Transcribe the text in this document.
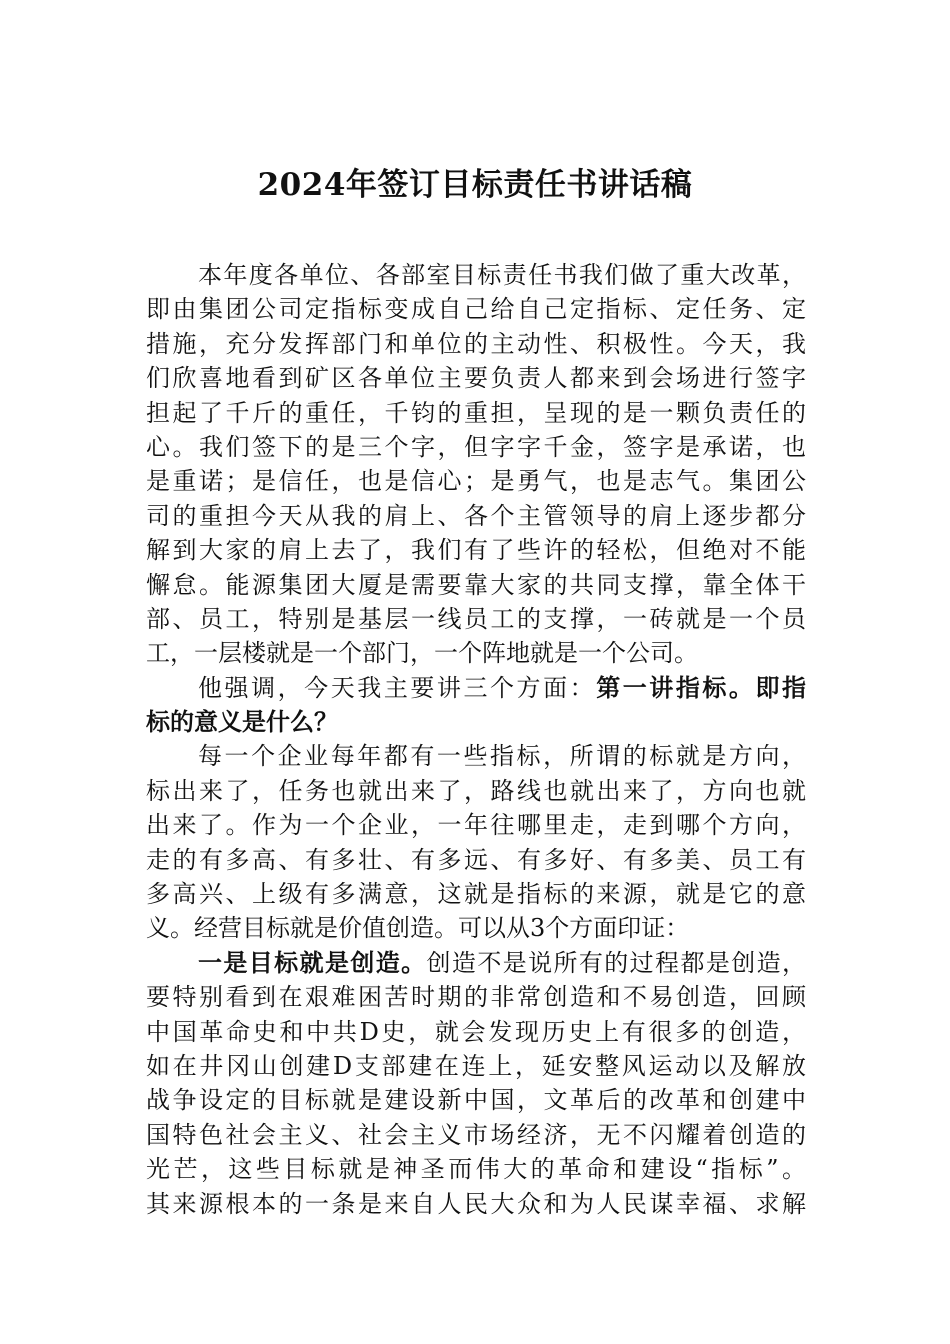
2024年签订目标责任书讲话稿
本年度各单位、各部室目标责任书我们做了重大改革，
即由集团公司定指标变成自己给自己定指标、定任务、定
措施，充分发挥部门和单位的主动性、积极性。今天，我
们欣喜地看到矿区各单位主要负责人都来到会场进行签字
担起了千斤的重任，千钧的重担，呈现的是一颗负责任的
心。我们签下的是三个字，但字字千金，签字是承诺，也
是重诺；是信任，也是信心；是勇气，也是志气。集团公
司的重担今天从我的肩上、各个主管领导的肩上逐步都分
解到大家的肩上去了，我们有了些许的轻松，但绝对不能
懈怠。能源集团大厦是需要靠大家的共同支撑，靠全体干
部、员工，特别是基层一线员工的支撑，一砖就是一个员
工，一层楼就是一个部门，一个阵地就是一个公司。
他强调，今天我主要讲三个方面：第一讲指标。即指
标的意义是什么？
每一个企业每年都有一些指标，所谓的标就是方向，
标出来了，任务也就出来了，路线也就出来了，方向也就
出来了。作为一个企业，一年往哪里走，走到哪个方向，
走的有多高、有多壮、有多远、有多好、有多美、员工有
多高兴、上级有多满意，这就是指标的来源，就是它的意
义。经营目标就是价值创造。可以从3个方面印证：
一是目标就是创造。创造不是说所有的过程都是创造，
要特别看到在艰难困苦时期的非常创造和不易创造，回顾
中国革命史和中共D史，就会发现历史上有很多的创造，
如在井冈山创建D支部建在连上，延安整风运动以及解放
战争设定的目标就是建设新中国，文革后的改革和创建中
国特色社会主义、社会主义市场经济，无不闪耀着创造的
光芒，这些目标就是神圣而伟大的革命和建设“指标”。
其来源根本的一条是来自人民大众和为人民谋幸福、求解
